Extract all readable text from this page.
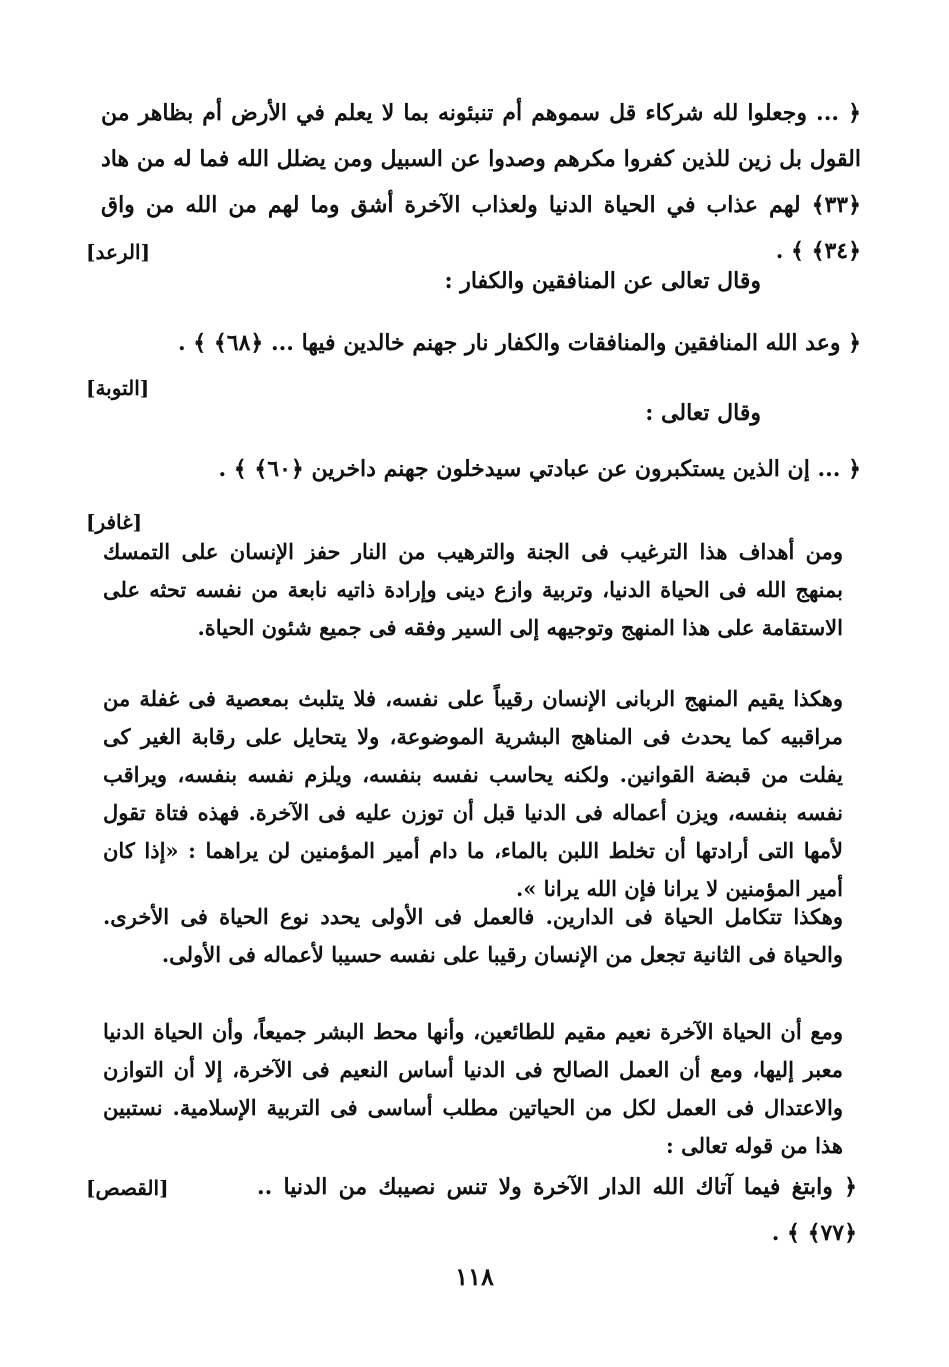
﴿ ... وجعلوا لله شركاء قل سموهم أم تنبئونه بما لا يعلم في الأرض أم بظاهر من القول بل زين للذين كفروا مكرهم وصدوا عن السبيل ومن يضلل الله فما له من هاد ﴿٣٣﴾ لهم عذاب في الحياة الدنيا ولعذاب الآخرة أشق وما لهم من الله من واق ﴿٣٤﴾ ﴾ .
[الرعد]
وقال تعالى عن المنافقين والكفار :
﴿ وعد الله المنافقين والمنافقات والكفار نار جهنم خالدين فيها ... ﴿٦٨﴾ ﴾ .
[التوبة]
وقال تعالى :
﴿ ... إن الذين يستكبرون عن عبادتي سيدخلون جهنم داخرين ﴿٦٠﴾ ﴾ .
[غافر]
ومن أهداف هذا الترغيب فى الجنة والترهيب من النار حفز الإنسان على التمسك بمنهج الله فى الحياة الدنيا، وتربية وازع دينى وإرادة ذاتيه نابعة من نفسه تحثه على الاستقامة على هذا المنهج وتوجيهه إلى السير وفقه فى جميع شئون الحياة.
وهكذا يقيم المنهج الربانى الإنسان رقيباً على نفسه، فلا يتلبث بمعصية فى غفلة من مراقبيه كما يحدث فى المناهج البشرية الموضوعة، ولا يتحايل على رقابة الغير كى يفلت من قبضة القوانين. ولكنه يحاسب نفسه بنفسه، ويلزم نفسه بنفسه، ويراقب نفسه بنفسه، ويزن أعماله فى الدنيا قبل أن توزن عليه فى الآخرة. فهذه فتاة تقول لأمها التى أرادتها أن تخلط اللبن بالماء، ما دام أمير المؤمنين لن يراهما : «إذا كان أمير المؤمنين لا يرانا فإن الله يرانا ».
وهكذا تتكامل الحياة فى الدارين. فالعمل فى الأولى يحدد نوع الحياة فى الأخرى. والحياة فى الثانية تجعل من الإنسان رقيبا على نفسه حسيبا لأعماله فى الأولى.
ومع أن الحياة الآخرة نعيم مقيم للطائعين، وأنها محط البشر جميعاً، وأن الحياة الدنيا معبر إليها، ومع أن العمل الصالح فى الدنيا أساس النعيم فى الآخرة، إلا أن التوازن والاعتدال فى العمل لكل من الحياتين مطلب أساسى فى التربية الإسلامية. نستبين هذا من قوله تعالى :
﴿ وابتغ فيما آتاك الله الدار الآخرة ولا تنس نصيبك من الدنيا .. ﴿٧٧﴾ ﴾ .
[القصص]
١١٨
